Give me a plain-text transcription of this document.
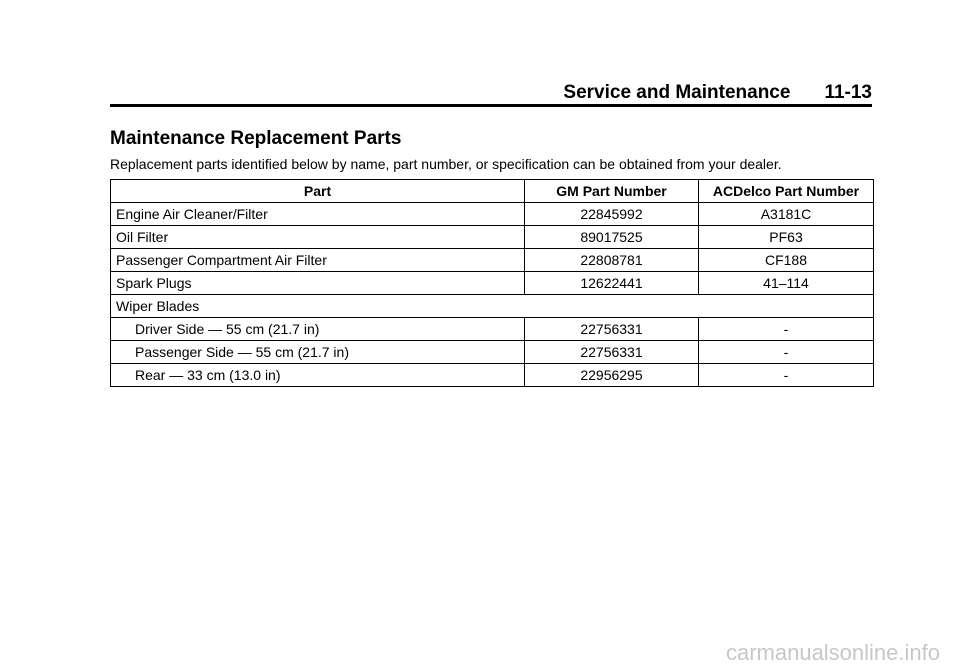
Service and Maintenance 11-13
Maintenance Replacement Parts

Replacement parts identified below by name, part number, or specification can be obtained from your dealer.

Part	GM Part Number	ACDelco Part Number
Engine Air Cleaner/Filter	22845992	A3181C
Oil Filter	89017525	PF63
Passenger Compartment Air Filter	22808781	CF188
Spark Plugs	12622441	41–114
Wiper Blades		
Driver Side — 55 cm (21.7 in)	22756331	-
Passenger Side — 55 cm (21.7 in)	22756331	-
Rear — 33 cm (13.0 in)	22956295	-
carmanualsonline.info
